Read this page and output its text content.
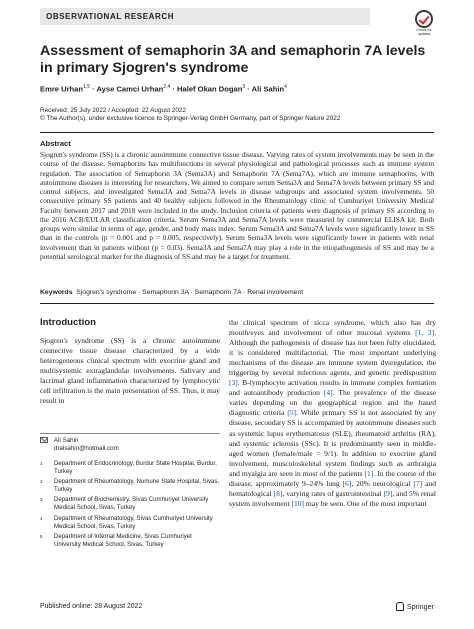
OBSERVATIONAL RESEARCH
Check for
updates
Assessment of semaphorin 3A and semaphorin 7A levels in primary Sjogren's syndrome
Emre Urhan$^{1,5}$ · Ayse Camci Urhan$^{2,4}$ · Halef Okan Dogan$^3$ · Ali Sahin$^4$
Received: 25 July 2022 / Accepted: 22 August 2022
© The Author(s), under exclusive licence to Springer-Verlag GmbH Germany, part of Springer Nature 2022
Abstract

Sjogren's syndrome (SS) is a chronic autoimmune connective tissue disease. Varying rates of system involvements may be seen in the course of the disease. Semaphorins has multifunctions in several physiological and pathological processes such as immune system regulation. The association of Semaphorin 3A (Sema3A) and Semaphorin 7A (Sema7A), which are immune semaphorins, with autoimmune diseases is interesting for researchers. We aimed to compare serum Sema3A and Sema7A levels between primary SS and control subjects, and investigated Sema3A and Sema7A levels in disease subgroups and associated system involvements. 50 consecutive primary SS patients and 40 healthy subjects followed in the Rheumatology clinic of Cumhuriyet University Medical Faculty between 2017 and 2018 were included in the study. Inclusion criteria of patients were diagnosis of primary SS according to the 2016 ACR/EULAR classification criteria. Serum Sema3A and Sema7A levels were measured by commercial ELISA kit. Both groups were similar in terms of age, gender, and body mass index. Serum Sema3A and Sema7A levels were significantly lower in SS than in the controls (p = 0.001 and p = 0.005, respectively). Serum Sema3A levels were significantly lower in patients with renal involvement than in patients without (p = 0.03). Sema3A and Sema7A may play a role in the etiopathogenesis of SS and may be a potential serological marker for the diagnosis of SS and may be a target for treatment.

Keywords Sjogren's syndrome · Semaphorin 3A · Semaphorin 7A · Renal involvement
Introduction

Sjogren's syndrome (SS) is a chronic autoimmune connective tissue disease characterized by a wide heterogeneous clinical spectrum with exocrine gland and multisystemic extraglandular involvements. Salivary and lacrimal gland inflammation characterized by lymphocytic cell infiltration is the main presentation of SS. Thus, it may result in

the clinical spectrum of sicca syndrome, which also has dry mouth/eyes and involvement of other mucosal systems [1, 2]. Although the pathogenesis of disease has not been fully elucidated, it is considered multifactorial. The most important underlying mechanisms of the disease are immune system dysregulation, the triggering by several infectious agents, and genetic predisposition [3]. B-lymphocyte activation results in immune complex formation and autoantibody production [4]. The prevalence of the disease varies depending on the geographical region and the based diagnostic criteria [5]. While primary SS is not associated by any disease, secondary SS is accompanied by autoimmune diseases such as systemic lupus erythematosus (SLE), rheumatoid arthritis (RA), and systemic sclerosis (SSc). It is predominantly seen in middle-aged women (female/male = 9/1). In addition to exocrine gland involvement, musculoskeletal system findings such as arthralgia and myalgia are seen in most of the patients [1]. In the course of the disease, approximately 9–24% lung [6], 20% neurological [7] and hematological [8], varying rates of gastrointestinal [9], and 5% renal system involvement [10] may be seen. One of the most important

Ali Sahin
dralsahin@hotmail.com
1	Department of Endocrinology, Burdur State Hospital, Burdur, Turkey
2	Department of Rheumatology, Numune State Hospital, Sivas, Turkey
3	Department of Biochemistry, Sivas Cumhuriyet University Medical School, Sivas, Turkey
4	Department of Rheumatology, Sivas Cumhuriyet University Medical School, Sivas, Turkey
5	Department of Internal Medicine, Sivas Cumhuriyet University Medical School, Sivas, Turkey
Published online: 28 August 2022	Springer
